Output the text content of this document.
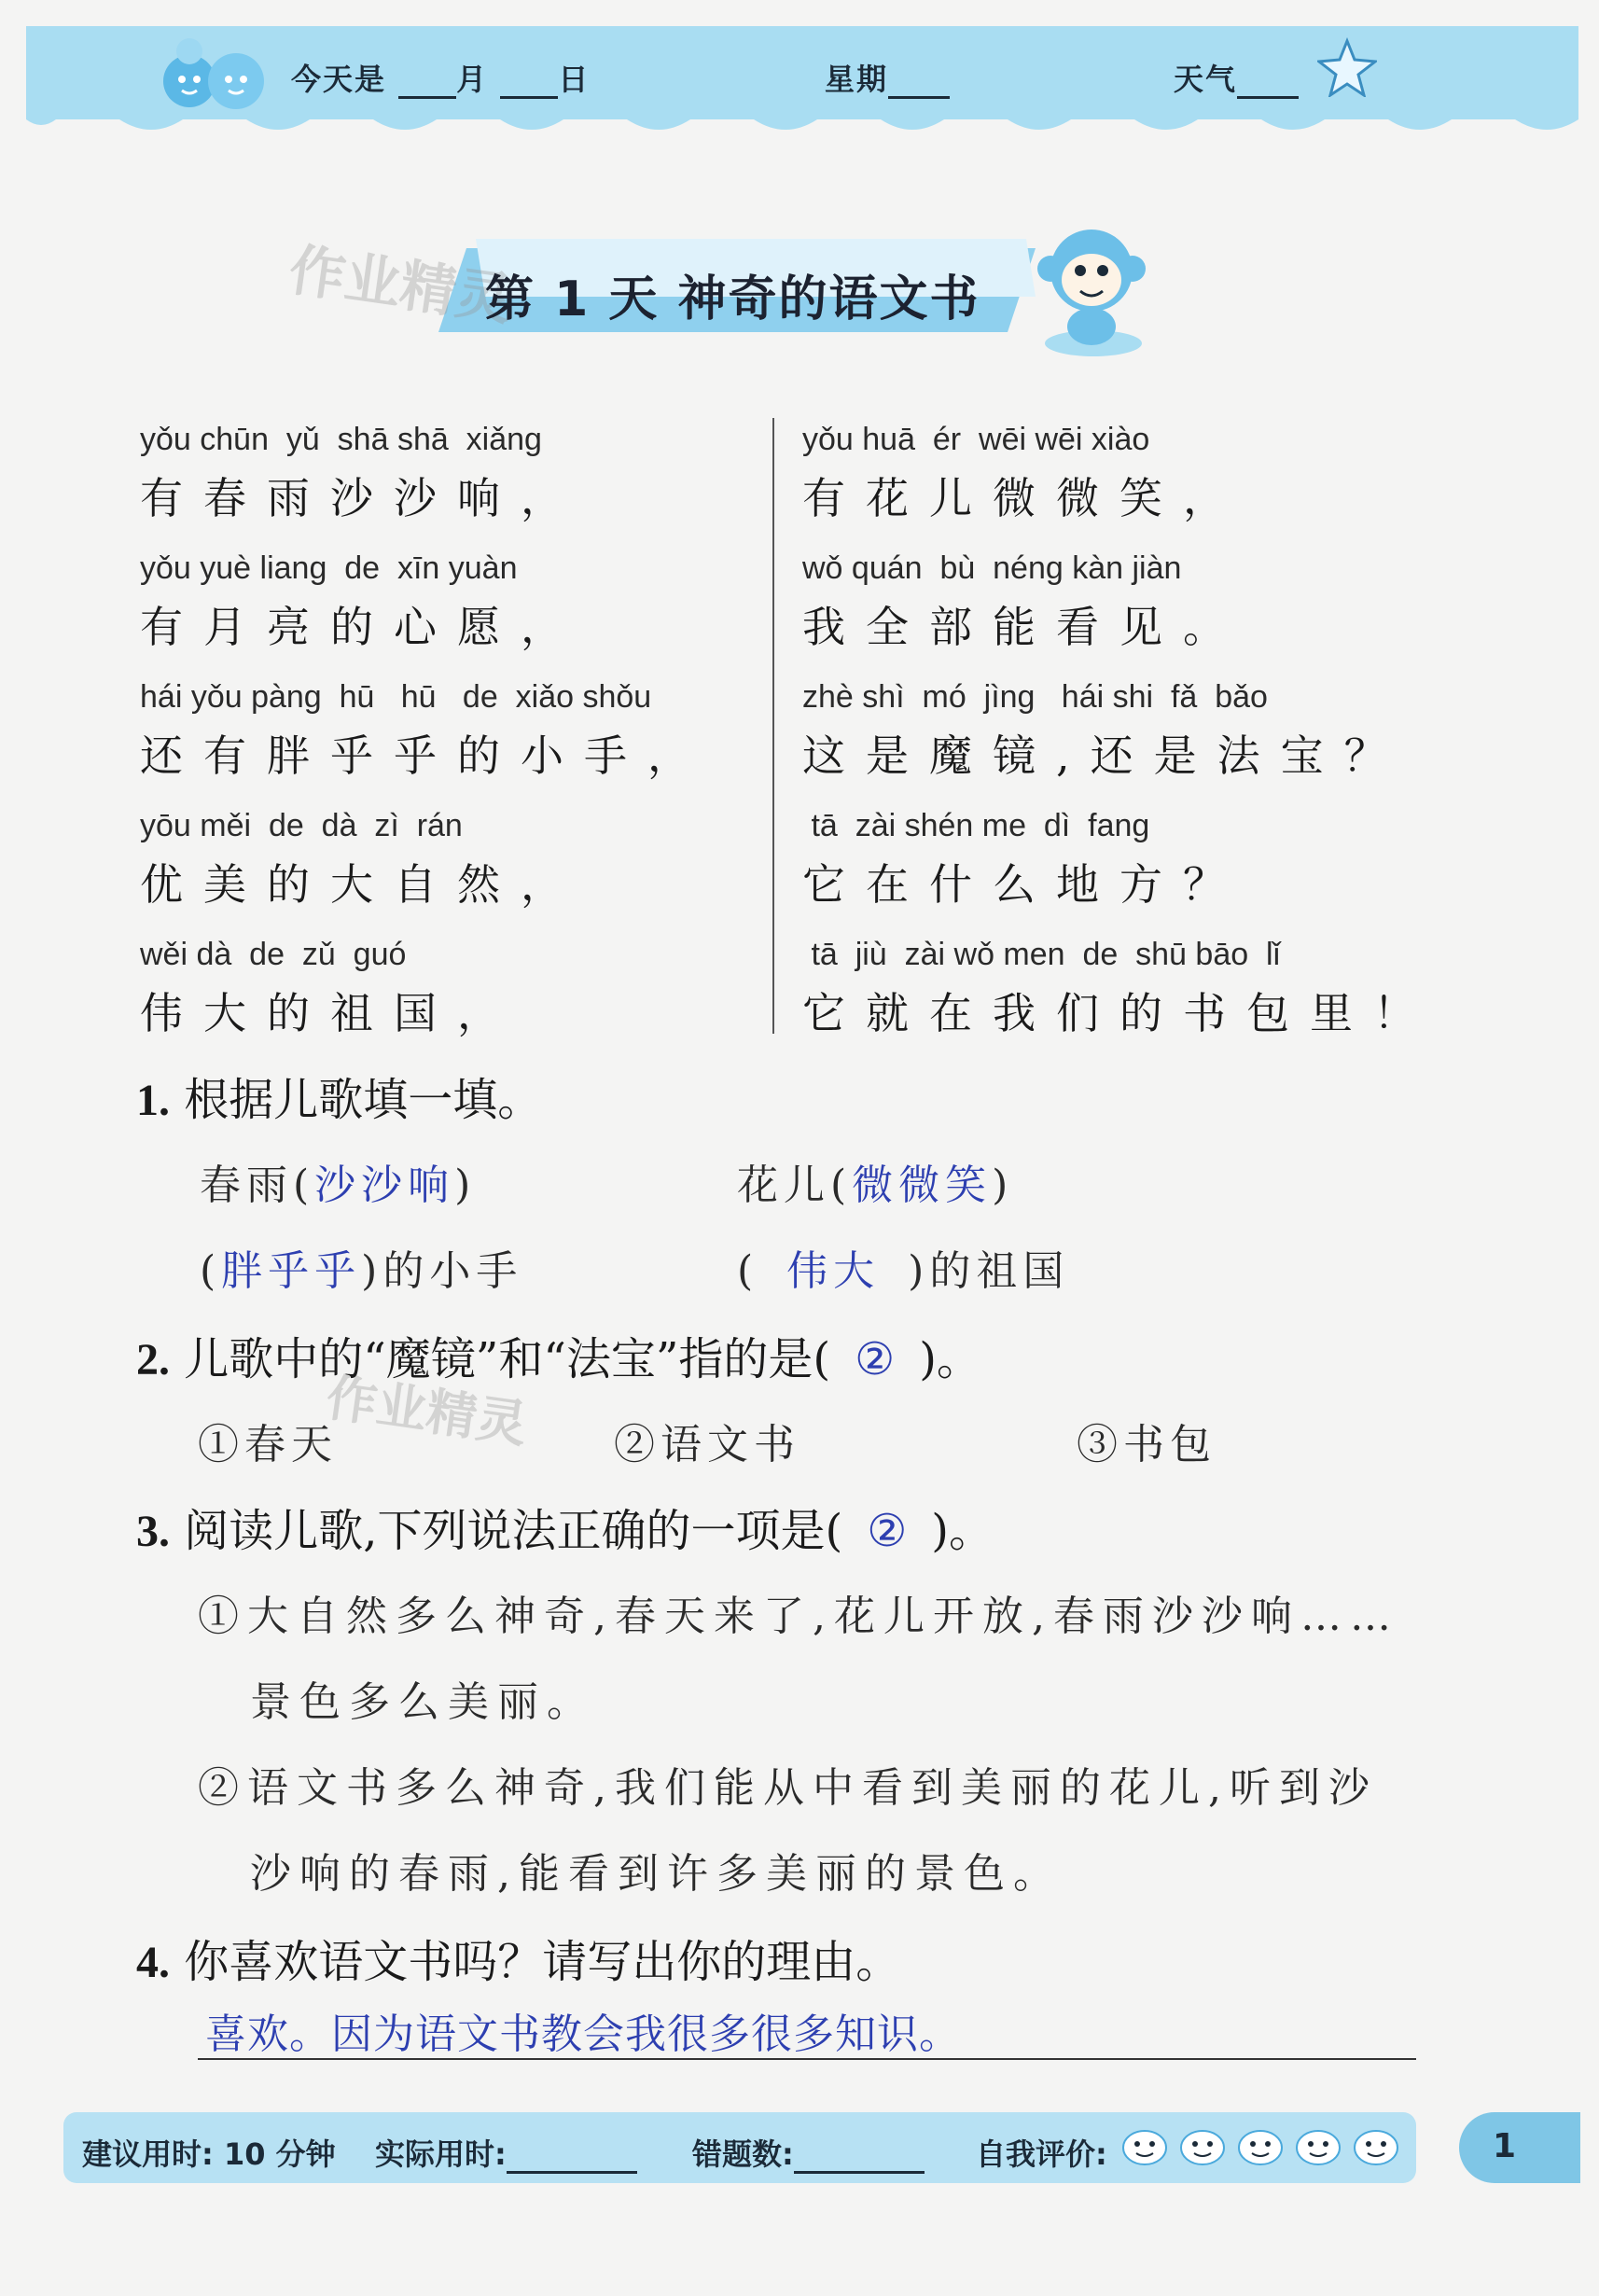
今天是 月 日	星期	天气
作业精灵
第 1 天 神奇的语文书
yǒu chūn  yǔ  shā shā  xiǎng
有春雨沙沙响，
yǒu yuè liang  de  xīn yuàn
有月亮的心愿，
hái yǒu pàng  hū   hū   de  xiǎo shǒu
还有胖乎乎的小手，
yōu měi  de  dà  zì  rán
优美的大自然，
wěi dà  de  zǔ  guó
伟大的祖国，
yǒu huā  ér  wēi wēi xiào
有花儿微微笑，
wǒ quán  bù  néng kàn jiàn
我全部能看见。
zhè shì  mó  jìng   hái shi  fǎ  bǎo
这是魔镜,还是法宝？
tā  zài shén me  dì  fang
它在什么地方？
tā  jiù  zài wǒ men  de  shū bāo  lǐ
它就在我们的书包里！
1. 根据儿歌填一填。
春雨(沙沙响)	花儿(微微笑)
(胖乎乎)的小手	( 伟大 )的祖国
2. 儿歌中的“魔镜”和“法宝”指的是( ② )。
作业精灵
①春天	②语文书	③书包
3. 阅读儿歌,下列说法正确的一项是( ② )。
①大自然多么神奇,春天来了,花儿开放,春雨沙沙响……
景色多么美丽。
②语文书多么神奇,我们能从中看到美丽的花儿,听到沙
沙响的春雨,能看到许多美丽的景色。
4. 你喜欢语文书吗？请写出你的理由。
喜欢。因为语文书教会我很多很多知识。
建议用时: 10 分钟 实际用时:	错题数:	自我评价:	1
